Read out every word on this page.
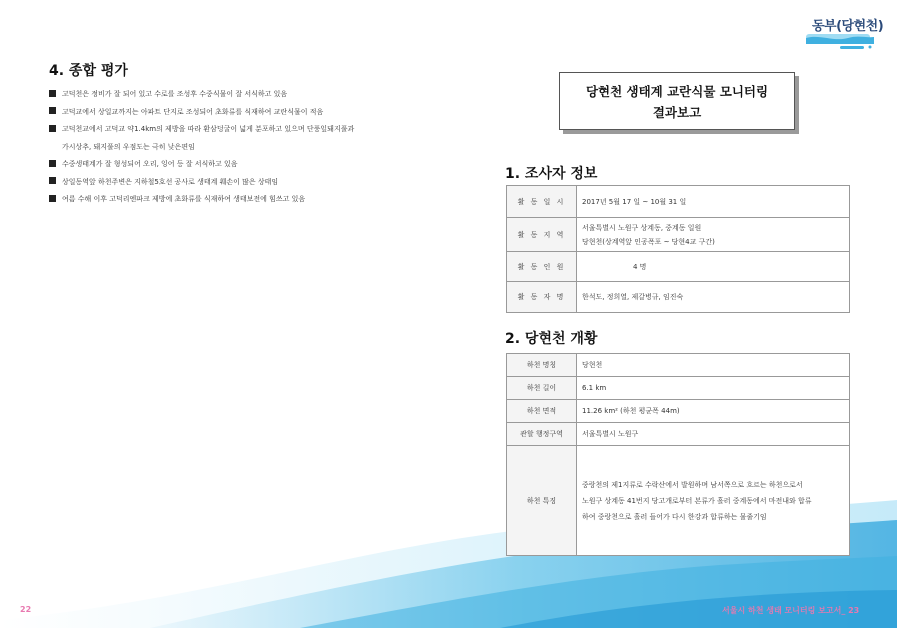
동부(당현천)
4. 종합 평가
고덕천은 정비가 잘 되어 있고 수로를 조성후 수중식물이 잘 서식하고 있음
고덕교에서 상일교까지는 아파트 단지로 조성되어 초화류를 식재하여 교란식물이 적음
고덕천교에서 고덕교 약1.4km의 제방을 따라 환삼덩굴이 넓게 분포하고 있으며 단풍잎돼지풀과
가시상추, 돼지풀의 우점도는 극히 낮은편임
수중생태계가 잘 형성되어 오리, 잉어 등 잘 서식하고 있음
상일동역앞 하천주변은 지하철5호선 공사로 생태계 훼손이 많은 상태임
여름 수해 이후 고덕리엔파크 제방에 초화류를 식재하여 생태보전에 힘쓰고 있음
당현천 생태계 교란식물 모니터링
결과보고
1. 조사자 정보
활 동 일 시	2017년 5월 17 일 ~ 10월 31 일
활 동 지 역	서울특별시 노원구 상계동, 중계동 일원
당현천(상계역앞 인공폭포 ~ 당현4교 구간)

활 동 인 원	4 명
활 동 자 명	한석도, 정희열, 제갈병규, 임진숙
2. 당현천 개황
하천 명칭	당현천
하천 길이	6.1 km
하천 면적	11.26 km² (하천 평균폭 44m)
관할 행정구역	서울특별시 노원구
하천 특징	중랑천의 제1지류로 수락산에서 발원하며 남서쪽으로 흐르는 하천으로서
노원구 상계동 41번지 당고개로부터 본류가 흘러 중계동에서 마전내와 합류
하여 중랑천으로 흘러 들어가 다시 한강과 합류하는 물줄기임
22	서울시 하천 생태 모니터링 보고서_ 23
